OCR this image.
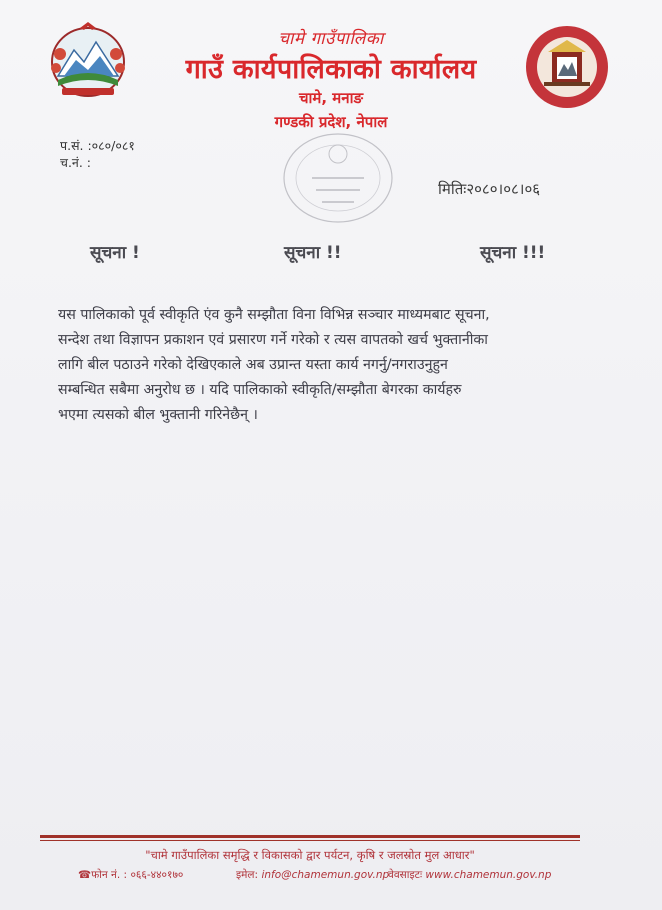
चामे गाउँपालिका
गाउँ कार्यपालिकाको कार्यालय
चामे, मनाङ
गण्डकी प्रदेश, नेपाल
प.सं. :०८०/०८१
च.नं. :
मितिः२०८०।०८।०६
सूचना !	सूचना !!	सूचना !!!
यस पालिकाको पूर्व स्वीकृति एंव कुनै सम्झौता विना विभिन्न सञ्चार माध्यमबाट सूचना,
सन्देश तथा विज्ञापन प्रकाशन एवं प्रसारण गर्ने गरेको र त्यस वापतको खर्च भुक्तानीका
लागि बील पठाउने गरेको देखिएकाले अब उप्रान्त यस्ता कार्य नगर्नु/नगराउनुहुन
सम्बन्धित सबैमा अनुरोध छ । यदि पालिकाको स्वीकृति/सम्झौता बेगरका कार्यहरु
भएमा त्यसको बील भुक्तानी गरिनेछैन् ।
"चामे गाउँपालिका समृद्धि र विकासको द्वार पर्यटन, कृषि र जलस्रोत मुल आधार"
☎फोन नं. : ०६६-४४०१७०	इमेल: info@chamemun.gov.np
वेवसाइटः www.chamemun.gov.np
